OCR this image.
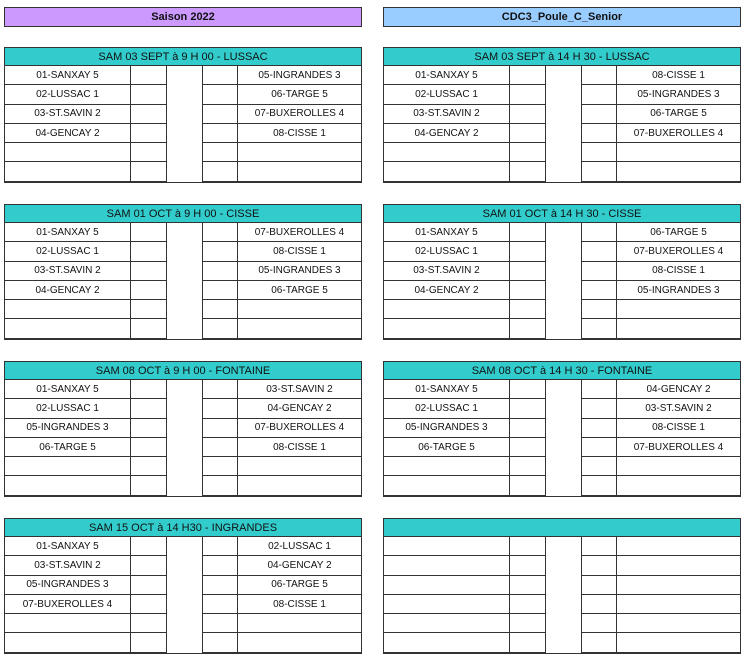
Saison 2022	CDC3_Poule_C_Senior
SAM 03 SEPT à 9 H 00 - LUSSAC
01-SANXAY 5	05-INGRANDES 3
02-LUSSAC 1	06-TARGE 5
03-ST.SAVIN 2	07-BUXEROLLES 4
04-GENCAY 2	08-CISSE 1
SAM 03 SEPT à 14 H 30 - LUSSAC
01-SANXAY 5	08-CISSE 1
02-LUSSAC 1	05-INGRANDES 3
03-ST.SAVIN 2	06-TARGE 5
04-GENCAY 2	07-BUXEROLLES 4
SAM 01 OCT à 9 H 00 - CISSE
01-SANXAY 5	07-BUXEROLLES 4
02-LUSSAC 1	08-CISSE 1
03-ST.SAVIN 2	05-INGRANDES 3
04-GENCAY 2	06-TARGE 5
SAM 01 OCT à 14 H 30 - CISSE
01-SANXAY 5	06-TARGE 5
02-LUSSAC 1	07-BUXEROLLES 4
03-ST.SAVIN 2	08-CISSE 1
04-GENCAY 2	05-INGRANDES 3
SAM 08 OCT à 9 H 00 - FONTAINE
01-SANXAY 5	03-ST.SAVIN 2
02-LUSSAC 1	04-GENCAY 2
05-INGRANDES 3	07-BUXEROLLES 4
06-TARGE 5	08-CISSE 1
SAM 08 OCT à 14 H 30 - FONTAINE
01-SANXAY 5	04-GENCAY 2
02-LUSSAC 1	03-ST.SAVIN 2
05-INGRANDES 3	08-CISSE 1
06-TARGE 5	07-BUXEROLLES 4
SAM 15 OCT à 14 H30 - INGRANDES
01-SANXAY 5	02-LUSSAC 1
03-ST.SAVIN 2	04-GENCAY 2
05-INGRANDES 3	06-TARGE 5
07-BUXEROLLES 4	08-CISSE 1
